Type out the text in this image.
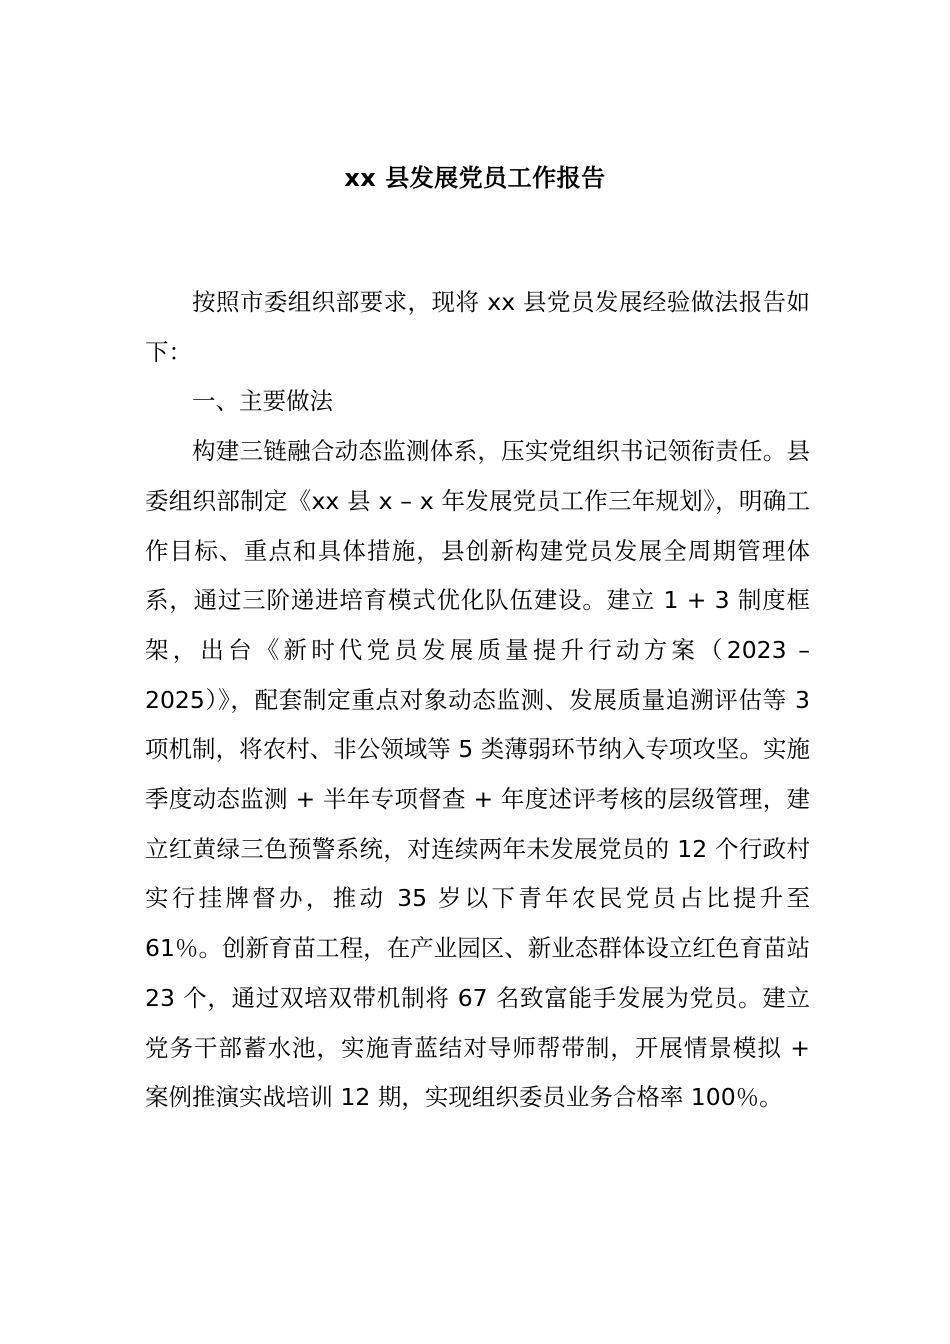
xx 县发展党员工作报告

按照市委组织部要求，现将 xx 县党员发展经验做法报告如下：

一、主要做法

构建三链融合动态监测体系，压实党组织书记领衔责任。县委组织部制定《xx 县 x – x 年发展党员工作三年规划》，明确工作目标、重点和具体措施，县创新构建党员发展全周期管理体系，通过三阶递进培育模式优化队伍建设。建立 1 + 3 制度框架，出台《新时代党员发展质量提升行动方案（2023 – 2025）》，配套制定重点对象动态监测、发展质量追溯评估等 3 项机制，将农村、非公领域等 5 类薄弱环节纳入专项攻坚。实施季度动态监测 + 半年专项督查 + 年度述评考核的层级管理，建立红黄绿三色预警系统，对连续两年未发展党员的 12 个行政村实行挂牌督办，推动 35 岁以下青年农民党员占比提升至 61％。创新育苗工程，在产业园区、新业态群体设立红色育苗站 23 个，通过双培双带机制将 67 名致富能手发展为党员。建立党务干部蓄水池，实施青蓝结对导师帮带制，开展情景模拟 + 案例推演实战培训 12 期，实现组织委员业务合格率 100％。
